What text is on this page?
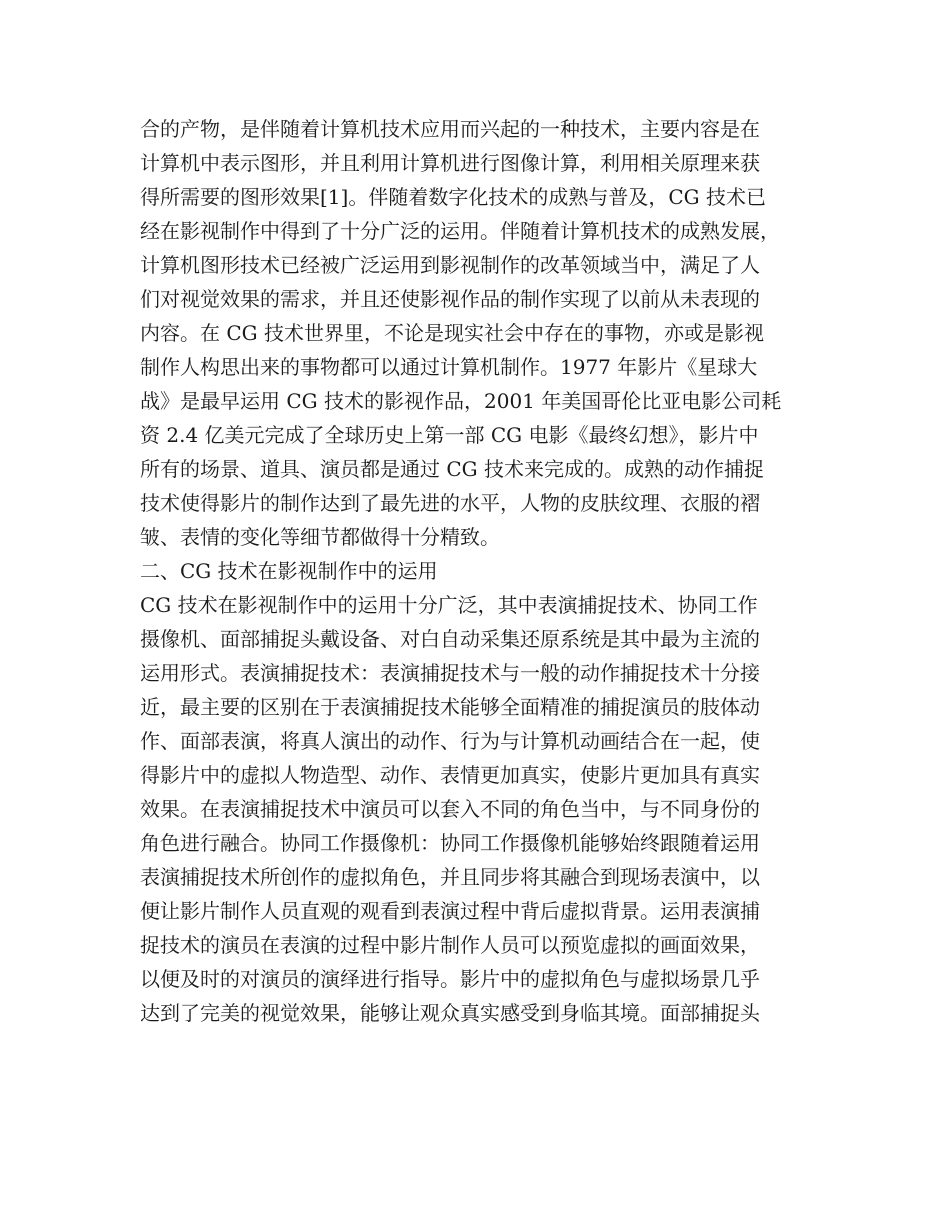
合的产物，是伴随着计算机技术应用而兴起的一种技术，主要内容是在
计算机中表示图形，并且利用计算机进行图像计算，利用相关原理来获
得所需要的图形效果[1]。伴随着数字化技术的成熟与普及，CG 技术已
经在影视制作中得到了十分广泛的运用。伴随着计算机技术的成熟发展，
计算机图形技术已经被广泛运用到影视制作的改革领域当中，满足了人
们对视觉效果的需求，并且还使影视作品的制作实现了以前从未表现的
内容。在 CG 技术世界里，不论是现实社会中存在的事物，亦或是影视
制作人构思出来的事物都可以通过计算机制作。1977 年影片《星球大
战》是最早运用 CG 技术的影视作品，2001 年美国哥伦比亚电影公司耗
资 2.4 亿美元完成了全球历史上第一部 CG 电影《最终幻想》，影片中
所有的场景、道具、演员都是通过 CG 技术来完成的。成熟的动作捕捉
技术使得影片的制作达到了最先进的水平，人物的皮肤纹理、衣服的褶
皱、表情的变化等细节都做得十分精致。
二、CG 技术在影视制作中的运用
CG 技术在影视制作中的运用十分广泛，其中表演捕捉技术、协同工作
摄像机、面部捕捉头戴设备、对白自动采集还原系统是其中最为主流的
运用形式。表演捕捉技术：表演捕捉技术与一般的动作捕捉技术十分接
近，最主要的区别在于表演捕捉技术能够全面精准的捕捉演员的肢体动
作、面部表演，将真人演出的动作、行为与计算机动画结合在一起，使
得影片中的虚拟人物造型、动作、表情更加真实，使影片更加具有真实
效果。在表演捕捉技术中演员可以套入不同的角色当中，与不同身份的
角色进行融合。协同工作摄像机：协同工作摄像机能够始终跟随着运用
表演捕捉技术所创作的虚拟角色，并且同步将其融合到现场表演中，以
便让影片制作人员直观的观看到表演过程中背后虚拟背景。运用表演捕
捉技术的演员在表演的过程中影片制作人员可以预览虚拟的画面效果，
以便及时的对演员的演绎进行指导。影片中的虚拟角色与虚拟场景几乎
达到了完美的视觉效果，能够让观众真实感受到身临其境。面部捕捉头
